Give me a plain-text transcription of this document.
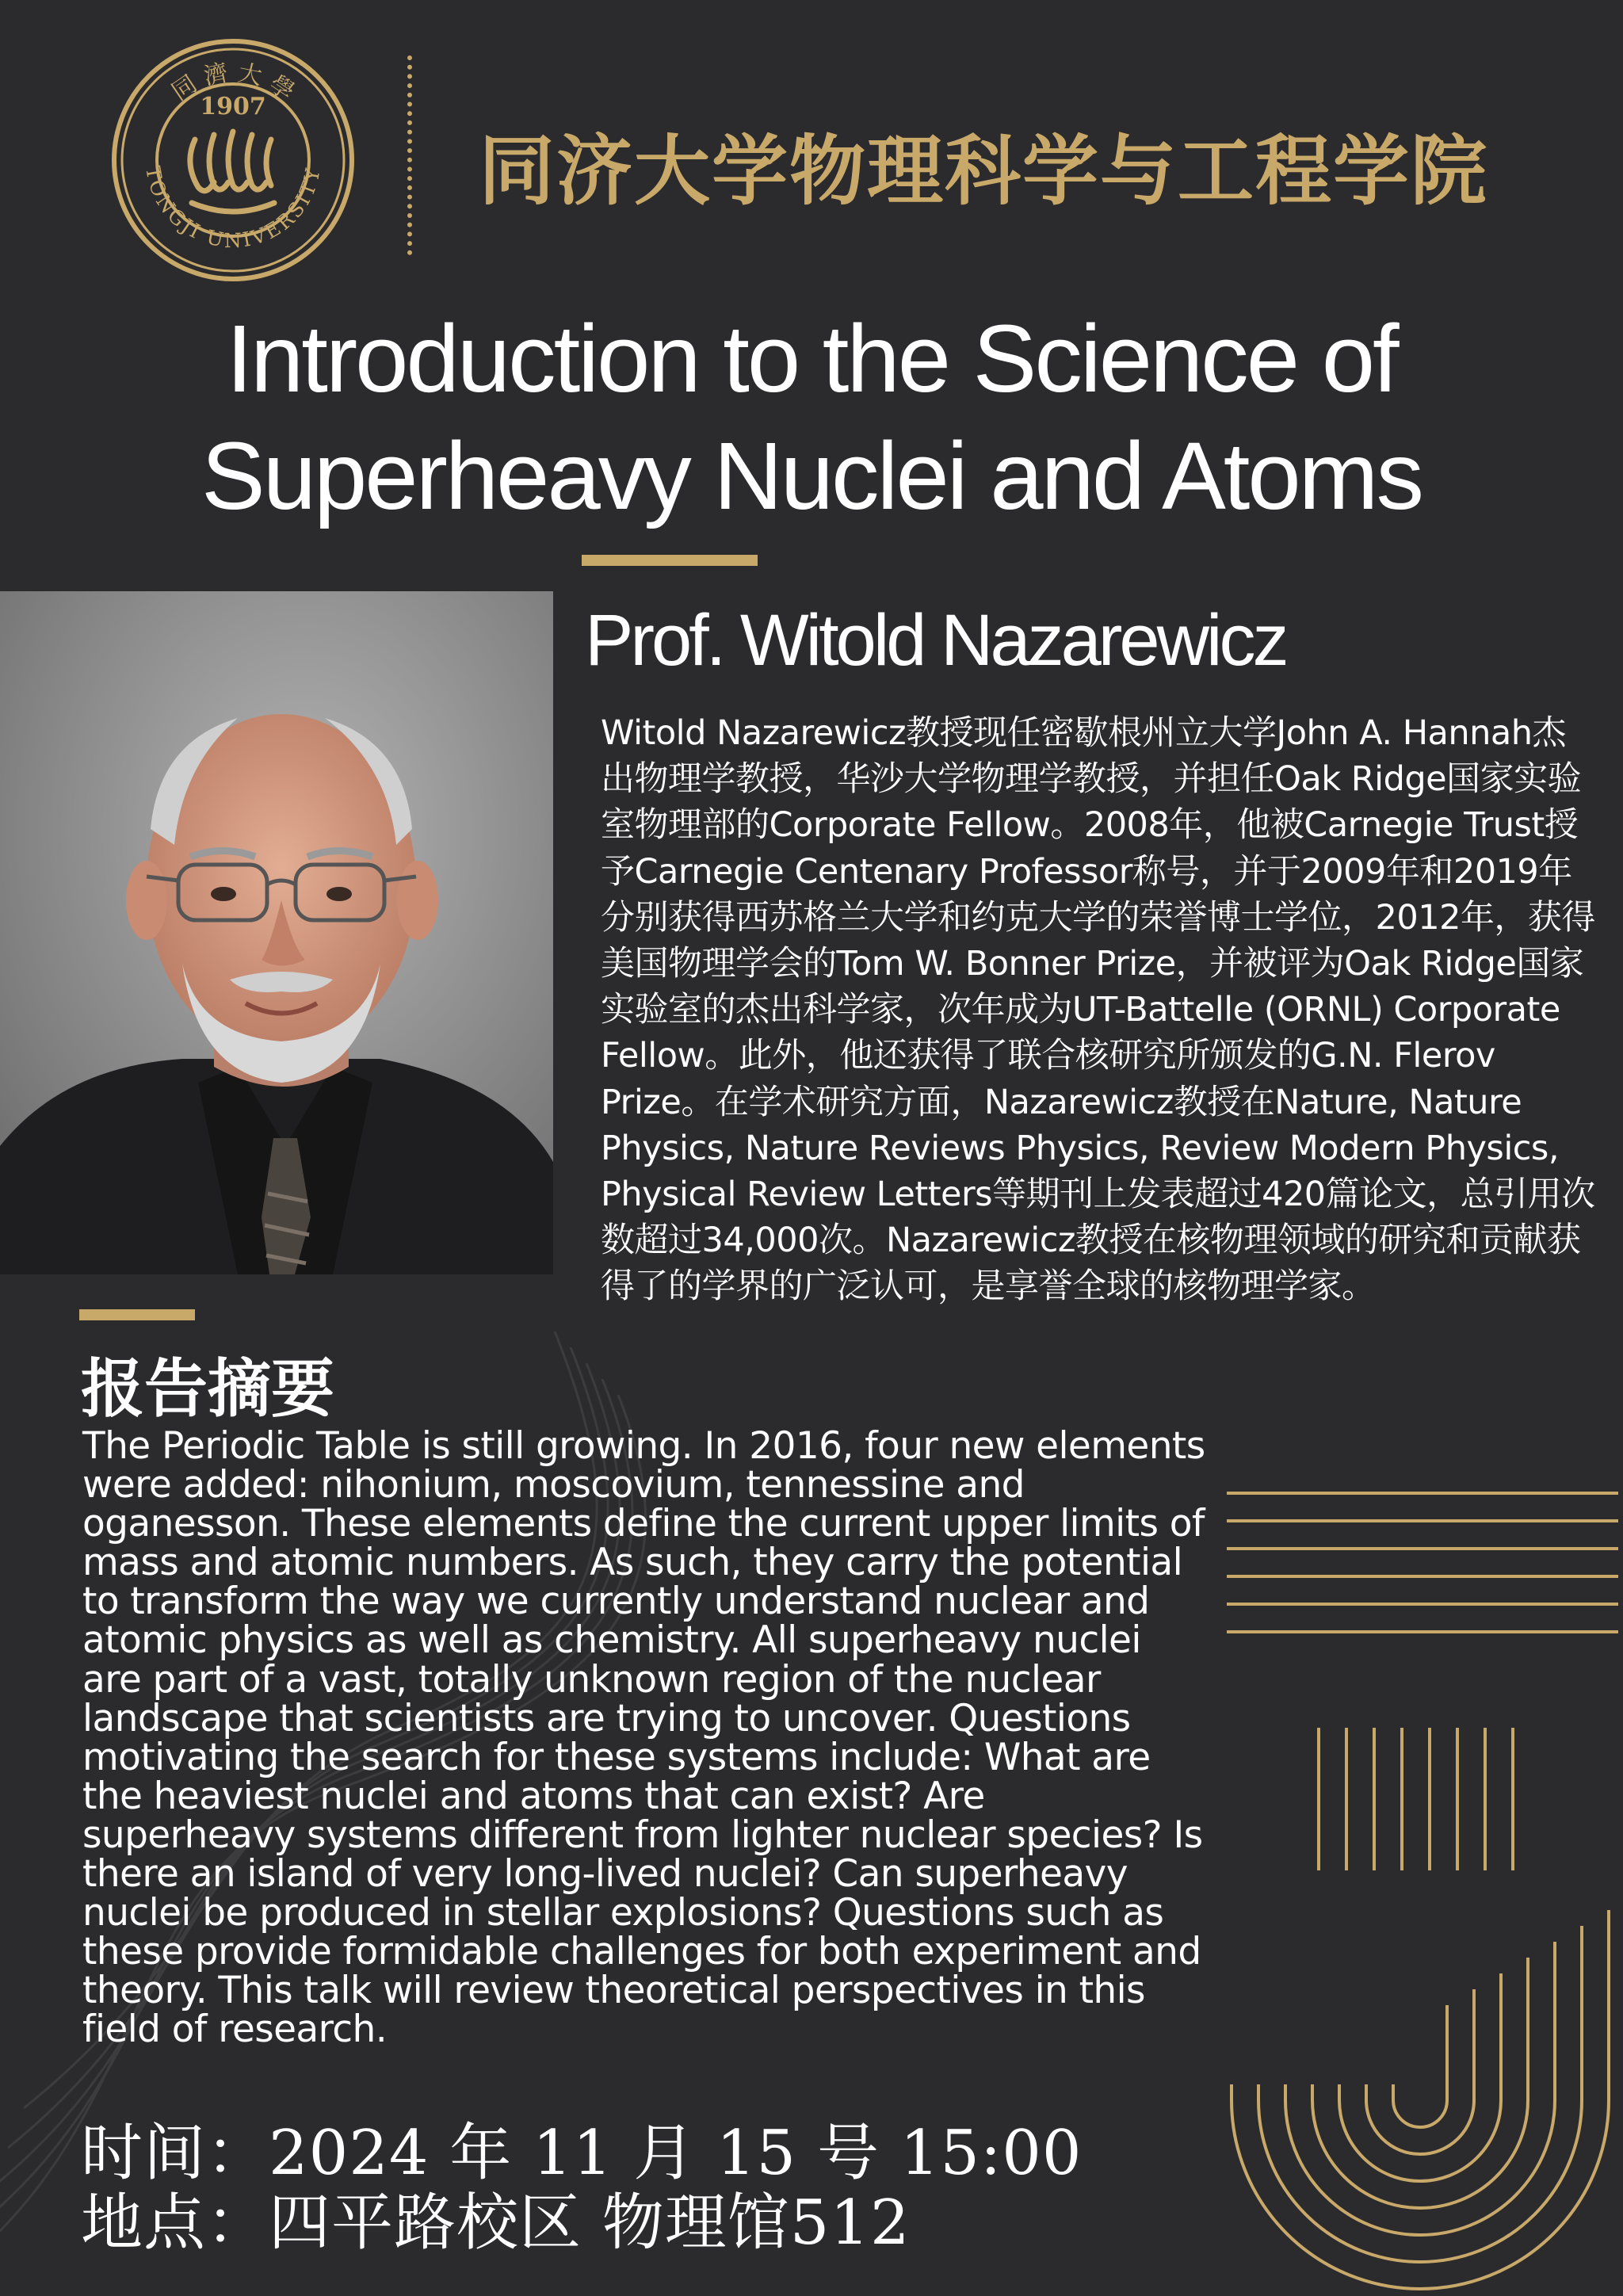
同 濟 大 學
1907
TONGJI UNIVERSITY 同济大学物理科学与工程学院
Introduction to the Science of
Superheavy Nuclei and Atoms
Prof. Witold Nazarewicz

Witold Nazarewicz教授现任密歇根州立大学John A. Hannah杰出物理学教授，华沙大学物理学教授，并担任Oak Ridge国家实验室物理部的Corporate Fellow。2008年，他被Carnegie Trust授予Carnegie Centenary Professor称号，并于2009年和2019年分别获得西苏格兰大学和约克大学的荣誉博士学位，2012年，获得美国物理学会的Tom W. Bonner Prize，并被评为Oak Ridge国家实验室的杰出科学家，次年成为UT-Battelle (ORNL) Corporate Fellow。此外，他还获得了联合核研究所颁发的G.N. Flerov Prize。在学术研究方面，Nazarewicz教授在Nature, Nature Physics, Nature Reviews Physics, Review Modern Physics, Physical Review Letters等期刊上发表超过420篇论文，总引用次数超过34,000次。Nazarewicz教授在核物理领域的研究和贡献获得了的学界的广泛认可，是享誉全球的核物理学家。

报告摘要

The Periodic Table is still growing. In 2016, four new elements were added: nihonium, moscovium, tennessine and oganesson. These elements define the current upper limits of mass and atomic numbers. As such, they carry the potential to transform the way we currently understand nuclear and atomic physics as well as chemistry. All superheavy nuclei are part of a vast, totally unknown region of the nuclear landscape that scientists are trying to uncover. Questions motivating the search for these systems include: What are the heaviest nuclei and atoms that can exist? Are superheavy systems different from lighter nuclear species? Is there an island of very long-lived nuclei? Can superheavy nuclei be produced in stellar explosions? Questions such as these provide formidable challenges for both experiment and theory. This talk will review theoretical perspectives in this field of research.

时间：2024 年 11 月 15 号 15:00
地点：四平路校区 物理馆512
